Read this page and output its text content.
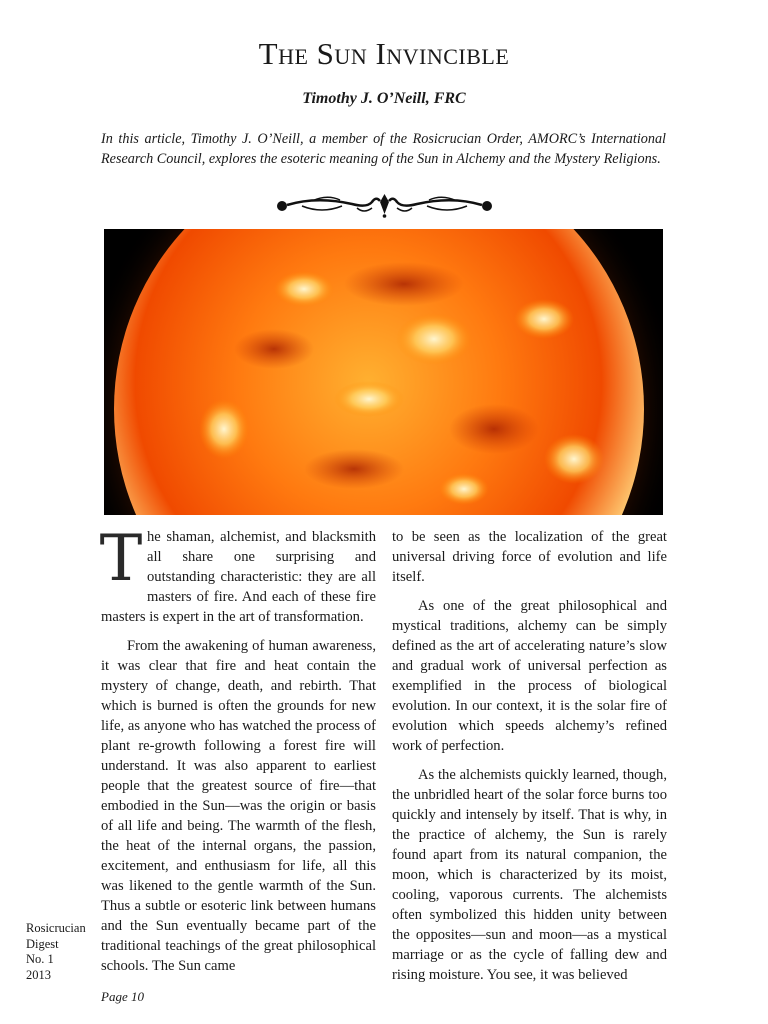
The Sun Invincible
Timothy J. O’Neill, FRC

In this article, Timothy J. O’Neill, a member of the Rosicrucian Order, AMORC’s International Research Council, explores the esoteric meaning of the Sun in Alchemy and the Mystery Religions.

The shaman, alchemist, and blacksmith all share one surprising and outstanding characteristic: they are all masters of fire. And each of these fire masters is expert in the art of transformation.

From the awakening of human awareness, it was clear that fire and heat contain the mystery of change, death, and rebirth. That which is burned is often the grounds for new life, as anyone who has watched the process of plant re-growth following a forest fire will understand. It was also apparent to earliest people that the greatest source of fire—that embodied in the Sun—was the origin or basis of all life and being. The warmth of the flesh, the heat of the internal organs, the passion, excitement, and enthusiasm for life, all this was likened to the gentle warmth of the Sun. Thus a subtle or esoteric link between humans and the Sun eventually became part of the traditional teachings of the great philosophical schools. The Sun came

to be seen as the localization of the great universal driving force of evolution and life itself.

As one of the great philosophical and mystical traditions, alchemy can be simply defined as the art of accelerating nature’s slow and gradual work of universal perfection as exemplified in the process of biological evolution. In our context, it is the solar fire of evolution which speeds alchemy’s refined work of perfection.

As the alchemists quickly learned, though, the unbridled heart of the solar force burns too quickly and intensely by itself. That is why, in the practice of alchemy, the Sun is rarely found apart from its natural companion, the moon, which is characterized by its moist, cooling, vaporous currents. The alchemists often symbolized this hidden unity between the opposites—sun and moon—as a mystical marriage or as the cycle of falling dew and rising moisture. You see, it was believed

Rosicrucian
Digest
No. 1
2013
Page 10
